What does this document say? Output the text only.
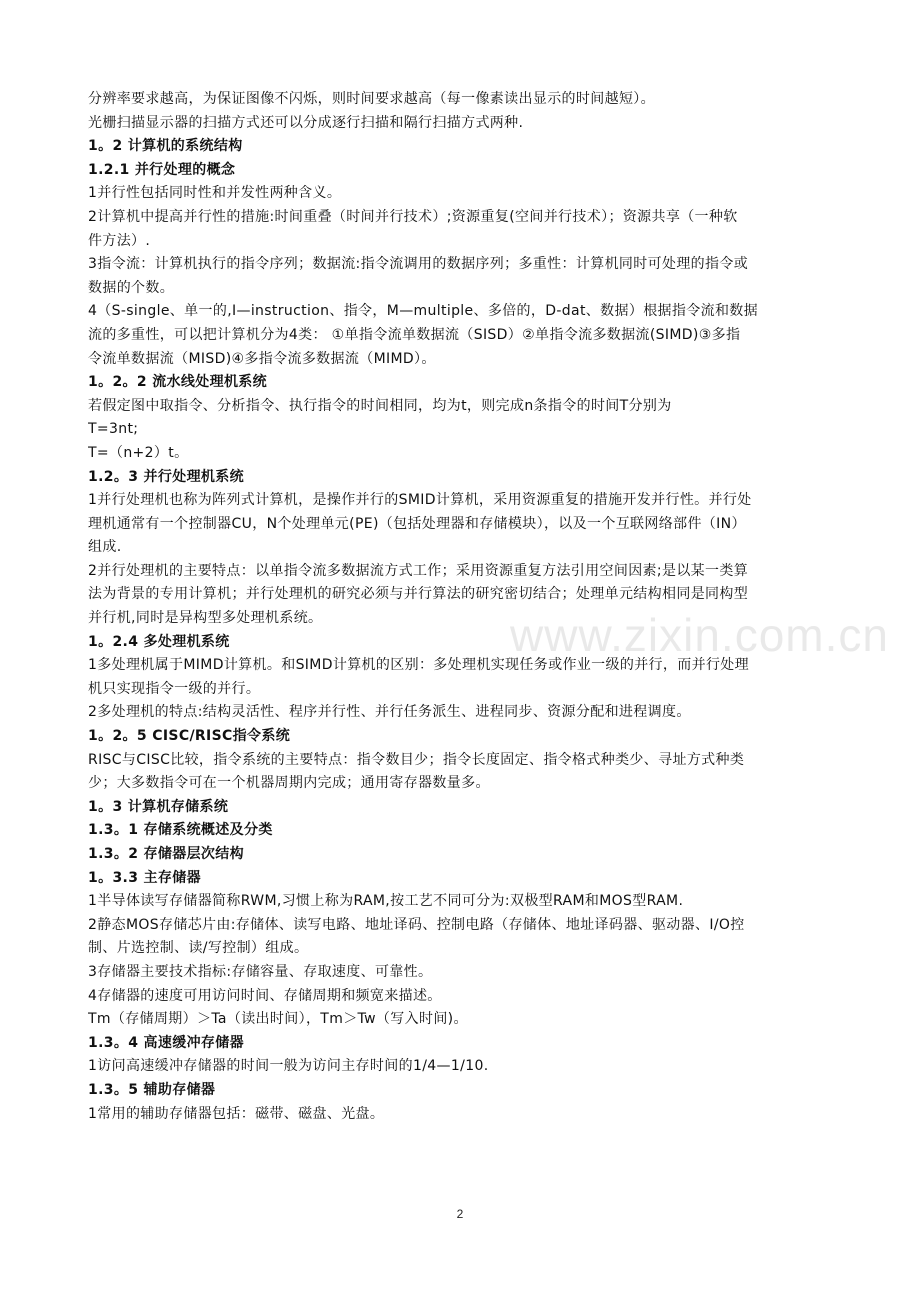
分辨率要求越高，为保证图像不闪烁，则时间要求越高（每一像素读出显示的时间越短）。
光栅扫描显示器的扫描方式还可以分成逐行扫描和隔行扫描方式两种.
1。2 计算机的系统结构
1.2.1 并行处理的概念
1并行性包括同时性和并发性两种含义。
2计算机中提高并行性的措施:时间重叠（时间并行技术）;资源重复(空间并行技术）；资源共享（一种软
件方法）.
3指令流：计算机执行的指令序列；数据流:指令流调用的数据序列；多重性：计算机同时可处理的指令或
数据的个数。
4（S-single、单一的,I—instruction、指令，M—multiple、多倍的，D-dat、数据）根据指令流和数据
流的多重性，可以把计算机分为4类： ①单指令流单数据流（SISD）②单指令流多数据流(SIMD)③多指
令流单数据流（MISD)④多指令流多数据流（MIMD）。
1。2。2 流水线处理机系统
若假定图中取指令、分析指令、执行指令的时间相同，均为t，则完成n条指令的时间T分别为
T=3nt;
T=（n+2）t。
1.2。3 并行处理机系统
1并行处理机也称为阵列式计算机，是操作并行的SMID计算机，采用资源重复的措施开发并行性。并行处
理机通常有一个控制器CU，N个处理单元(PE)（包括处理器和存储模块），以及一个互联网络部件（IN）
组成.
2并行处理机的主要特点：以单指令流多数据流方式工作；采用资源重复方法引用空间因素;是以某一类算
法为背景的专用计算机；并行处理机的研究必须与并行算法的研究密切结合；处理单元结构相同是同构型
并行机,同时是异构型多处理机系统。
1。2.4 多处理机系统
1多处理机属于MIMD计算机。和SIMD计算机的区别：多处理机实现任务或作业一级的并行，而并行处理
机只实现指令一级的并行。
2多处理机的特点:结构灵活性、程序并行性、并行任务派生、进程同步、资源分配和进程调度。
1。2。5 CISC/RISC指令系统
RISC与CISC比较，指令系统的主要特点：指令数目少；指令长度固定、指令格式种类少、寻址方式种类
少；大多数指令可在一个机器周期内完成；通用寄存器数量多。
1。3 计算机存储系统
1.3。1 存储系统概述及分类
1.3。2 存储器层次结构
1。3.3 主存储器
1半导体读写存储器简称RWM,习惯上称为RAM,按工艺不同可分为:双极型RAM和MOS型RAM.
2静态MOS存储芯片由:存储体、读写电路、地址译码、控制电路（存储体、地址译码器、驱动器、I/O控
制、片选控制、读/写控制）组成。
3存储器主要技术指标:存储容量、存取速度、可靠性。
4存储器的速度可用访问时间、存储周期和频宽来描述。
Tm（存储周期）＞Ta（读出时间），Tm＞Tw（写入时间)。
1.3。4 高速缓冲存储器
1访问高速缓冲存储器的时间一般为访问主存时间的1/4—1/10.
1.3。5 辅助存储器
1常用的辅助存储器包括：磁带、磁盘、光盘。
www.zixin.com.cn
2
